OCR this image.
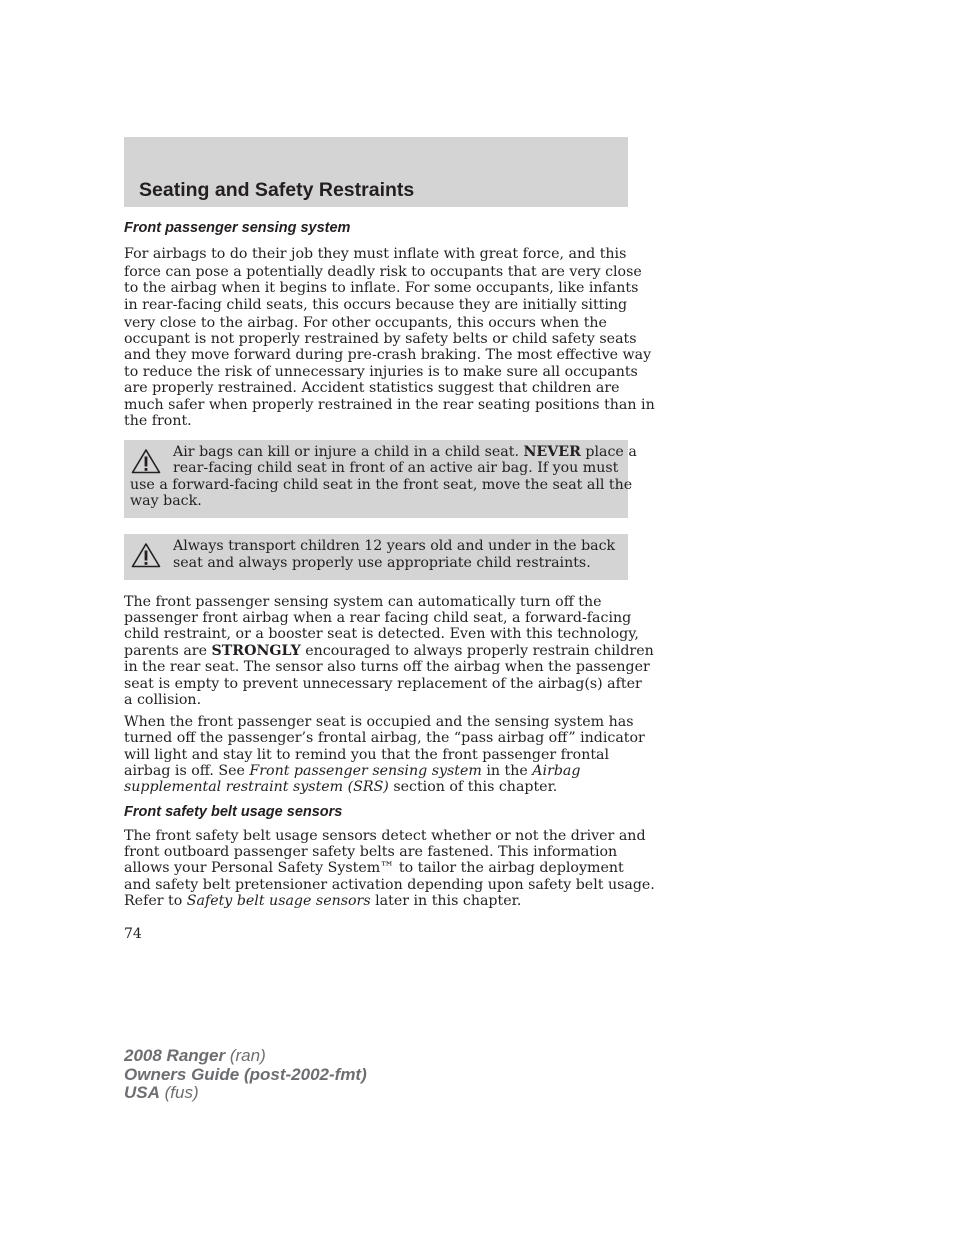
Seating and Safety Restraints
Front passenger sensing system
For airbags to do their job they must inflate with great force, and this
force can pose a potentially deadly risk to occupants that are very close
to the airbag when it begins to inflate. For some occupants, like infants
in rear-facing child seats, this occurs because they are initially sitting
very close to the airbag. For other occupants, this occurs when the
occupant is not properly restrained by safety belts or child safety seats
and they move forward during pre-crash braking. The most effective way
to reduce the risk of unnecessary injuries is to make sure all occupants
are properly restrained. Accident statistics suggest that children are
much safer when properly restrained in the rear seating positions than in
the front.
Air bags can kill or injure a child in a child seat. NEVER place a
rear-facing child seat in front of an active air bag. If you must
use a forward-facing child seat in the front seat, move the seat all the
way back.
Always transport children 12 years old and under in the back
seat and always properly use appropriate child restraints.
The front passenger sensing system can automatically turn off the
passenger front airbag when a rear facing child seat, a forward-facing
child restraint, or a booster seat is detected. Even with this technology,
parents are STRONGLY encouraged to always properly restrain children
in the rear seat. The sensor also turns off the airbag when the passenger
seat is empty to prevent unnecessary replacement of the airbag(s) after
a collision.
When the front passenger seat is occupied and the sensing system has
turned off the passenger’s frontal airbag, the “pass airbag off” indicator
will light and stay lit to remind you that the front passenger frontal
airbag is off. See Front passenger sensing system in the Airbag
supplemental restraint system (SRS) section of this chapter.
Front safety belt usage sensors
The front safety belt usage sensors detect whether or not the driver and
front outboard passenger safety belts are fastened. This information
allows your Personal Safety System™ to tailor the airbag deployment
and safety belt pretensioner activation depending upon safety belt usage.
Refer to Safety belt usage sensors later in this chapter.
74
2008 Ranger (ran)
Owners Guide (post-2002-fmt)
USA (fus)
